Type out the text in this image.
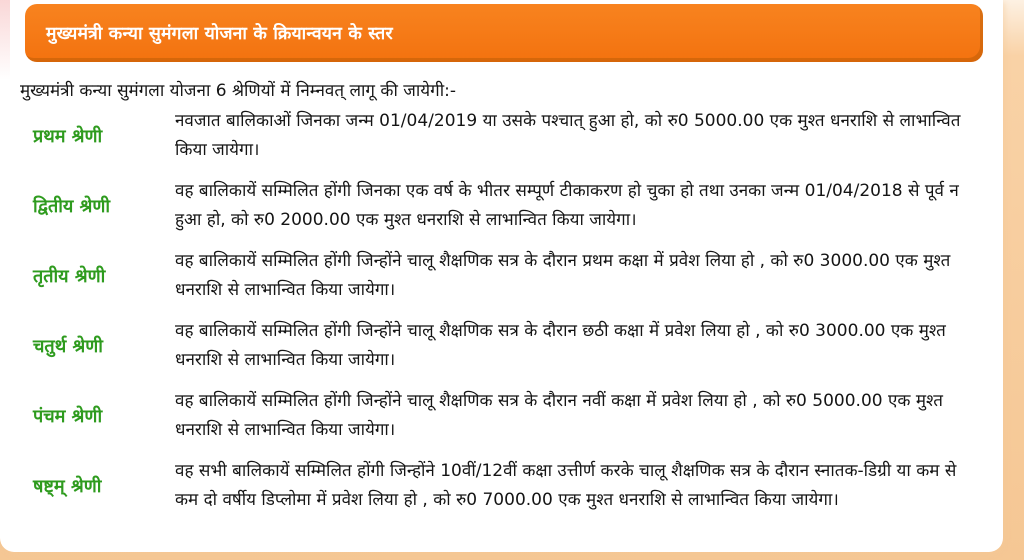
मुख्यमंत्री कन्या सुमंगला योजना के क्रियान्वयन के स्तर
मुख्यमंत्री कन्या सुमंगला योजना 6 श्रेणियों में निम्नवत् लागू की जायेगी:-
प्रथम श्रेणी
नवजात बालिकाओं जिनका जन्म 01/04/2019 या उसके पश्चात् हुआ हो, को रु0 5000.00 एक मुश्त धनराशि से लाभान्वित किया जायेगा।
द्वितीय श्रेणी
वह बालिकायें सम्मिलित होंगी जिनका एक वर्ष के भीतर सम्पूर्ण टीकाकरण हो चुका हो तथा उनका जन्म 01/04/2018 से पूर्व न हुआ हो, को रु0 2000.00 एक मुश्त धनराशि से लाभान्वित किया जायेगा।
तृतीय श्रेणी
वह बालिकायें सम्मिलित होंगी जिन्होंने चालू शैक्षणिक सत्र के दौरान प्रथम कक्षा में प्रवेश लिया हो , को रु0 3000.00 एक मुश्त धनराशि से लाभान्वित किया जायेगा।
चतुर्थ श्रेणी
वह बालिकायें सम्मिलित होंगी जिन्होंने चालू शैक्षणिक सत्र के दौरान छठी कक्षा में प्रवेश लिया हो , को रु0 3000.00 एक मुश्त धनराशि से लाभान्वित किया जायेगा।
पंचम श्रेणी
वह बालिकायें सम्मिलित होंगी जिन्होंने चालू शैक्षणिक सत्र के दौरान नवीं कक्षा में प्रवेश लिया हो , को रु0 5000.00 एक मुश्त धनराशि से लाभान्वित किया जायेगा।
षष्ट्म् श्रेणी
वह सभी बालिकायें सम्मिलित होंगी जिन्होंने 10वीं/12वीं कक्षा उत्तीर्ण करके चालू शैक्षणिक सत्र के दौरान स्नातक-डिग्री या कम से कम दो वर्षीय डिप्लोमा में प्रवेश लिया हो , को रु0 7000.00 एक मुश्त धनराशि से लाभान्वित किया जायेगा।
